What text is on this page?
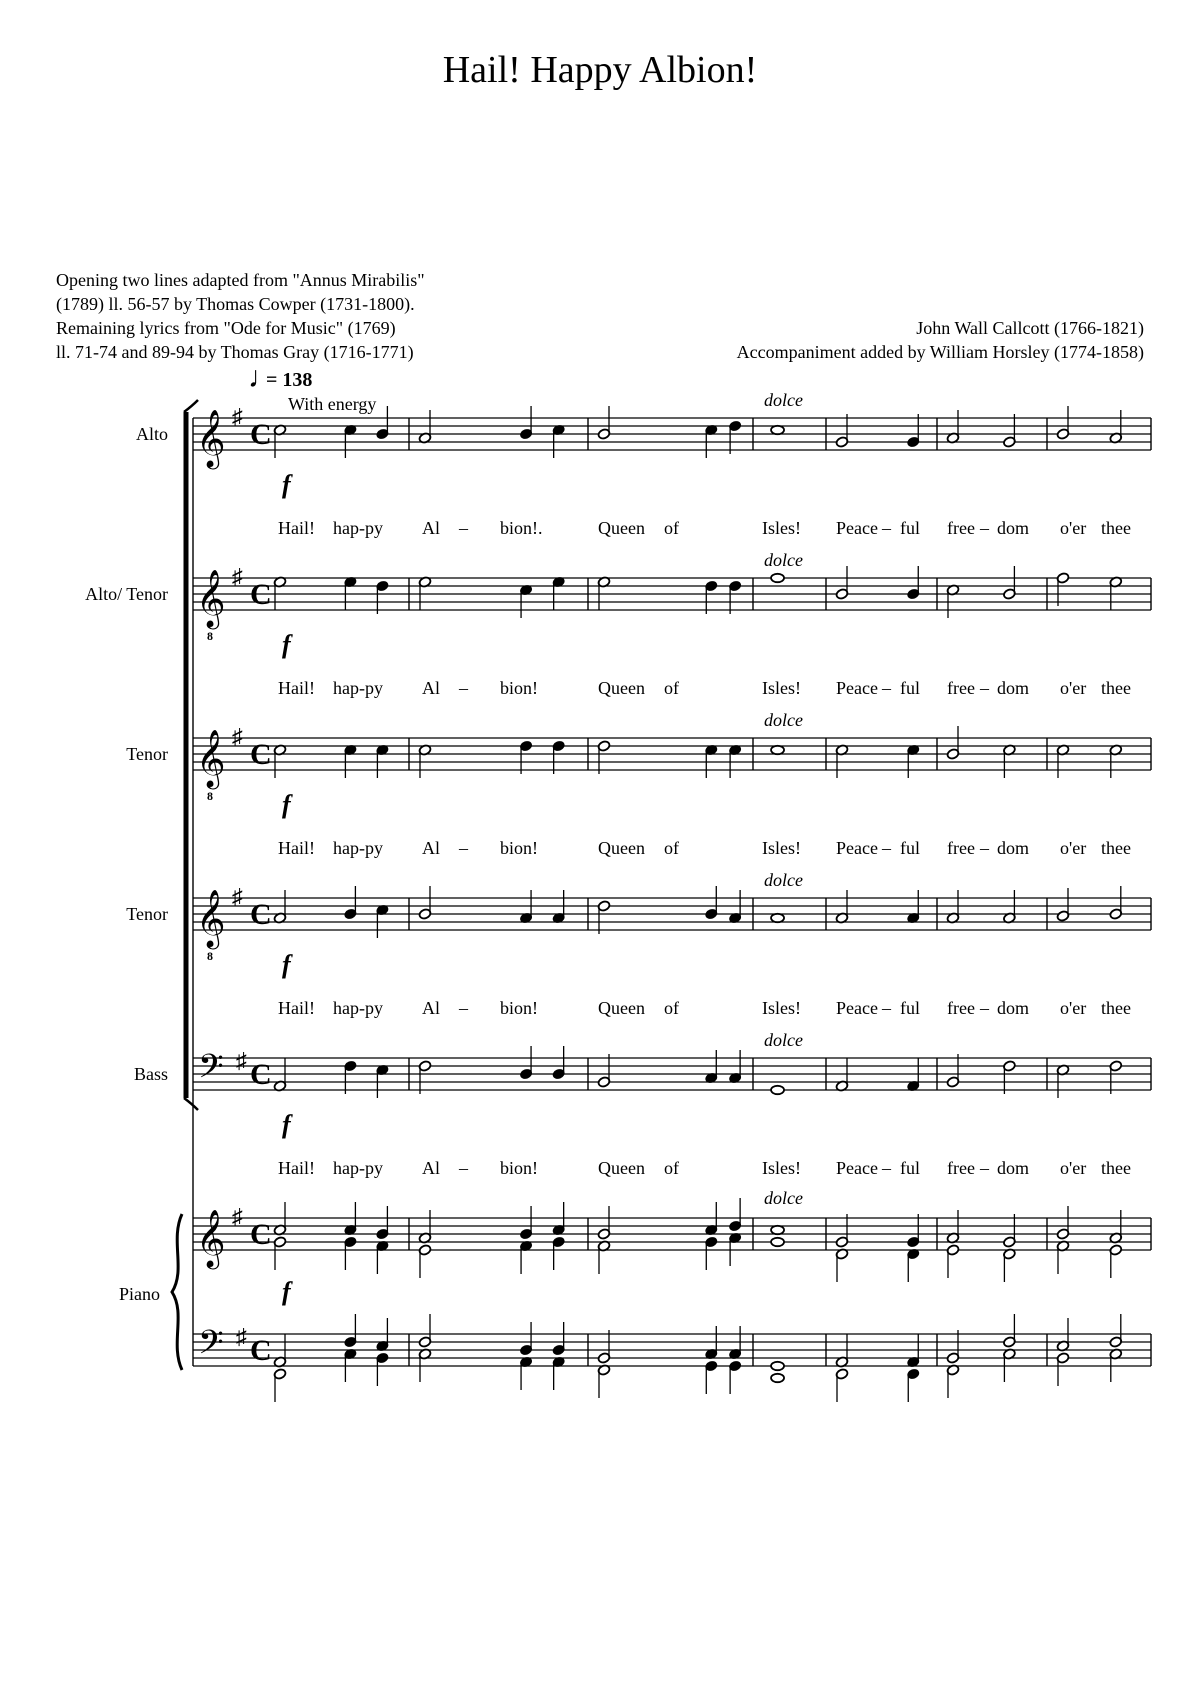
Hail! Happy Albion!
Opening two lines adapted from "Annus Mirabilis"
(1789) ll. 56-57 by Thomas Cowper (1731-1800).
Remaining lyrics from "Ode for Music" (1769)
ll. 71-74 and 89-94 by Thomas Gray (1716-1771)
John Wall Callcott (1766-1821)
Accompaniment added by William Horsley (1774-1858)
♩
= 138
With energy
𝄞 ♯
C
Alto
f
dolce
Hail! hap-py Al – bion!.	Queen of	Isles! Peace – ful free – dom o'er thee
𝄞 ♯
8
C
Alto/ Tenor
f
dolce
Hail! hap-py Al – bion!	Queen of	Isles! Peace – ful free – dom o'er thee
𝄞 ♯
8
C
Tenor
f
dolce
Hail! hap-py Al – bion!	Queen of	Isles! Peace – ful free – dom o'er thee
𝄞 ♯
8
C
Tenor
f
dolce
Hail! hap-py Al – bion!	Queen of	Isles! Peace – ful free – dom o'er thee
𝄢 ♯ C
Bass
f
dolce
Hail! hap-py Al – bion!	Queen of	Isles! Peace – ful free – dom o'er thee
𝄞 ♯
C
𝄢 ♯ C
Piano	f
dolce
